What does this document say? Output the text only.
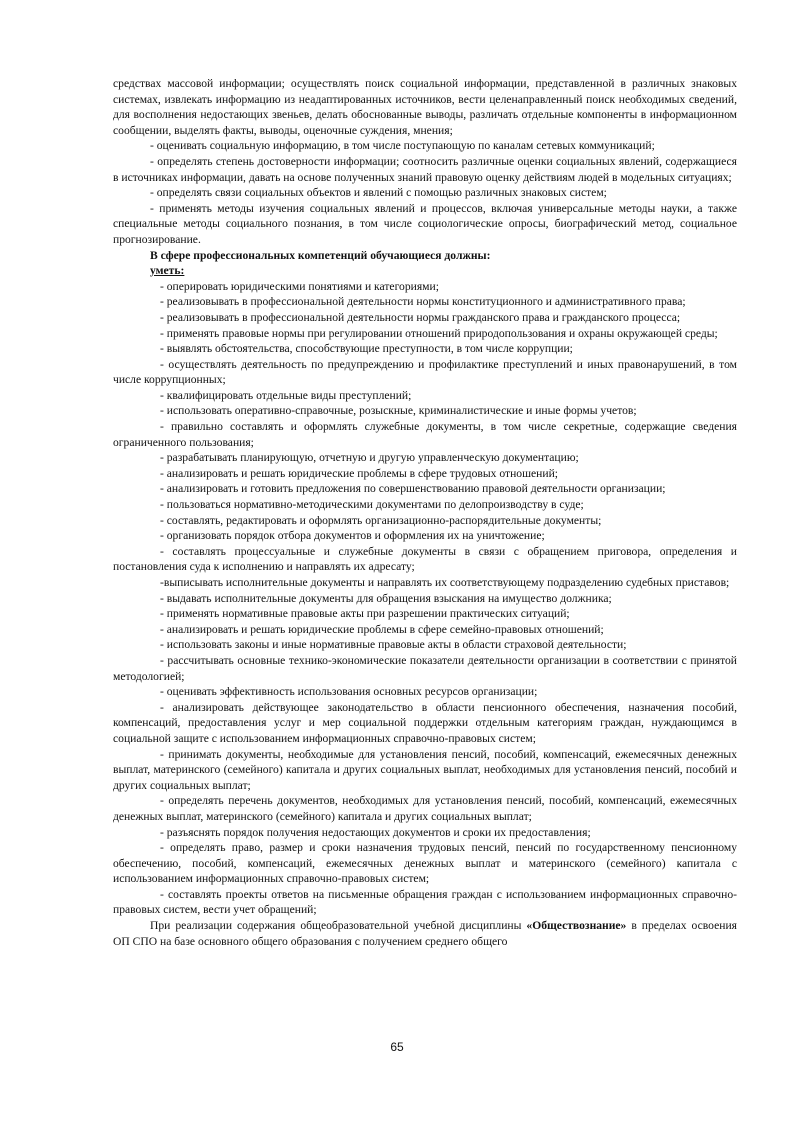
средствах массовой информации; осуществлять поиск социальной информации, представленной в различных знаковых системах, извлекать информацию из неадаптированных источников, вести целенаправленный поиск необходимых сведений, для восполнения недостающих звеньев, делать обоснованные выводы, различать отдельные компоненты в информационном сообщении, выделять факты, выводы, оценочные суждения, мнения;

- оценивать социальную информацию, в том числе поступающую по каналам сетевых коммуникаций;

- определять степень достоверности информации; соотносить различные оценки социальных явлений, содержащиеся в источниках информации, давать на основе полученных знаний правовую оценку действиям людей в модельных ситуациях;

- определять связи социальных объектов и явлений с помощью различных знаковых систем;

- применять методы изучения социальных явлений и процессов, включая универсальные методы науки, а также специальные методы социального познания, в том числе социологические опросы, биографический метод, социальное прогнозирование.

В сфере профессиональных компетенций обучающиеся должны:

уметь:

- оперировать юридическими понятиями и категориями;

- реализовывать в профессиональной деятельности нормы конституционного и административного права;

- реализовывать в профессиональной деятельности нормы гражданского права и гражданского процесса;

- применять правовые нормы при регулировании отношений природопользования и охраны окружающей среды;

- выявлять обстоятельства, способствующие преступности, в том числе коррупции;

- осуществлять деятельность по предупреждению и профилактике преступлений и иных правонарушений, в том числе коррупционных;

- квалифицировать отдельные виды преступлений;

- использовать оперативно-справочные, розыскные, криминалистические и иные формы учетов;

- правильно составлять и оформлять служебные документы, в том числе секретные, содержащие сведения ограниченного пользования;

- разрабатывать планирующую, отчетную и другую управленческую документацию;

- анализировать и решать юридические проблемы в сфере трудовых отношений;

- анализировать и готовить предложения по совершенствованию правовой деятельности организации;

- пользоваться нормативно-методическими документами по делопроизводству в суде;

- составлять, редактировать и оформлять организационно-распорядительные документы;

- организовать порядок отбора документов и оформления их на уничтожение;

- составлять процессуальные и служебные документы в связи с обращением приговора, определения и постановления суда к исполнению и направлять их адресату;

-выписывать исполнительные документы и направлять их соответствующему подразделению судебных приставов;

- выдавать исполнительные документы для обращения взыскания на имущество должника;

- применять нормативные правовые акты при разрешении практических ситуаций;

- анализировать и решать юридические проблемы в сфере семейно-правовых отношений;

- использовать законы и иные нормативные правовые акты в области страховой деятельности;

- рассчитывать основные технико-экономические показатели деятельности организации в соответствии с принятой методологией;

- оценивать эффективность использования основных ресурсов организации;

- анализировать действующее законодательство в области пенсионного обеспечения, назначения пособий, компенсаций, предоставления услуг и мер социальной поддержки отдельным категориям граждан, нуждающимся в социальной защите с использованием информационных справочно-правовых систем;

- принимать документы, необходимые для установления пенсий, пособий, компенсаций, ежемесячных денежных выплат, материнского (семейного) капитала и других социальных выплат, необходимых для установления пенсий, пособий и других социальных выплат;

- определять перечень документов, необходимых для установления пенсий, пособий, компенсаций, ежемесячных денежных выплат, материнского (семейного) капитала и других социальных выплат;

- разъяснять порядок получения недостающих документов и сроки их предоставления;

- определять право, размер и сроки назначения трудовых пенсий, пенсий по государственному пенсионному обеспечению, пособий, компенсаций, ежемесячных денежных выплат и материнского (семейного) капитала с использованием информационных справочно-правовых систем;

- составлять проекты ответов на письменные обращения граждан с использованием информационных справочно-правовых систем, вести учет обращений;

При реализации содержания общеобразовательной учебной дисциплины «Обществознание» в пределах освоения ОП СПО на базе основного общего образования с получением среднего общего

65
